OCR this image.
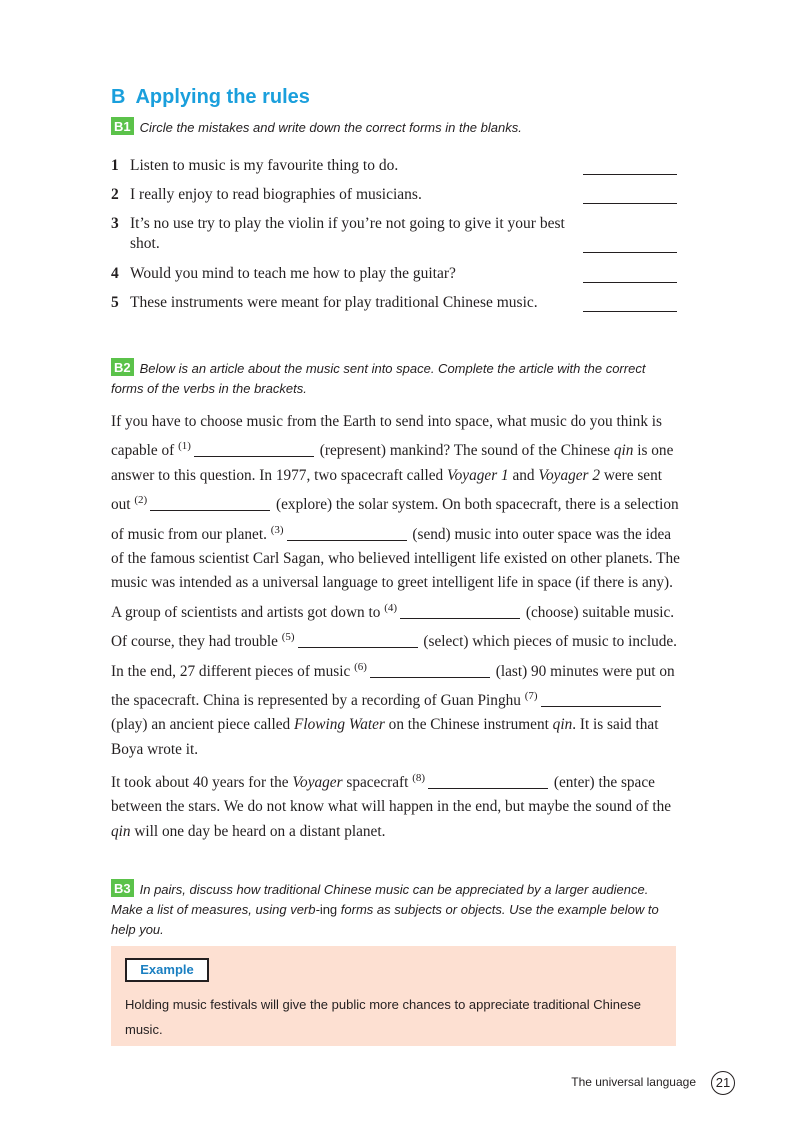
B Applying the rules
B1 Circle the mistakes and write down the correct forms in the blanks.
1 Listen to music is my favourite thing to do.
2 I really enjoy to read biographies of musicians.
3 It’s no use try to play the violin if you’re not going to give it your best shot.
4 Would you mind to teach me how to play the guitar?
5 These instruments were meant for play traditional Chinese music.
B2 Below is an article about the music sent into space. Complete the article with the correct forms of the verbs in the brackets.

If you have to choose music from the Earth to send into space, what music do you think is capable of $^{(1)}$	(represent) mankind? The sound of the Chinese qin is one answer to this question. In 1977, two spacecraft called Voyager 1 and Voyager 2 were sent out $^{(2)}$	(explore) the solar system. On both spacecraft, there is a selection of music from our planet. $^{(3)}$	(send) music into outer space was the idea of the famous scientist Carl Sagan, who believed intelligent life existed on other planets. The music was intended as a universal language to greet intelligent life in space (if there is any). A group of scientists and artists got down to $^{(4)}$	(choose) suitable music. Of course, they had trouble $^{(5)}$	(select) which pieces of music to include. In the end, 27 different pieces of music $^{(6)}$	(last) 90 minutes were put on the spacecraft. China is represented by a recording of Guan Pinghu $^{(7)}$ (play) an ancient piece called Flowing Water on the Chinese instrument qin. It is said that Boya wrote it.

It took about 40 years for the Voyager spacecraft $^{(8)}$	(enter) the space between the stars. We do not know what will happen in the end, but maybe the sound of the qin will one day be heard on a distant planet.

B3 In pairs, discuss how traditional Chinese music can be appreciated by a larger audience. Make a list of measures, using verb-ing forms as subjects or objects. Use the example below to help you.
Example
Holding music festivals will give the public more chances to appreciate traditional Chinese music.
The universal language	21
